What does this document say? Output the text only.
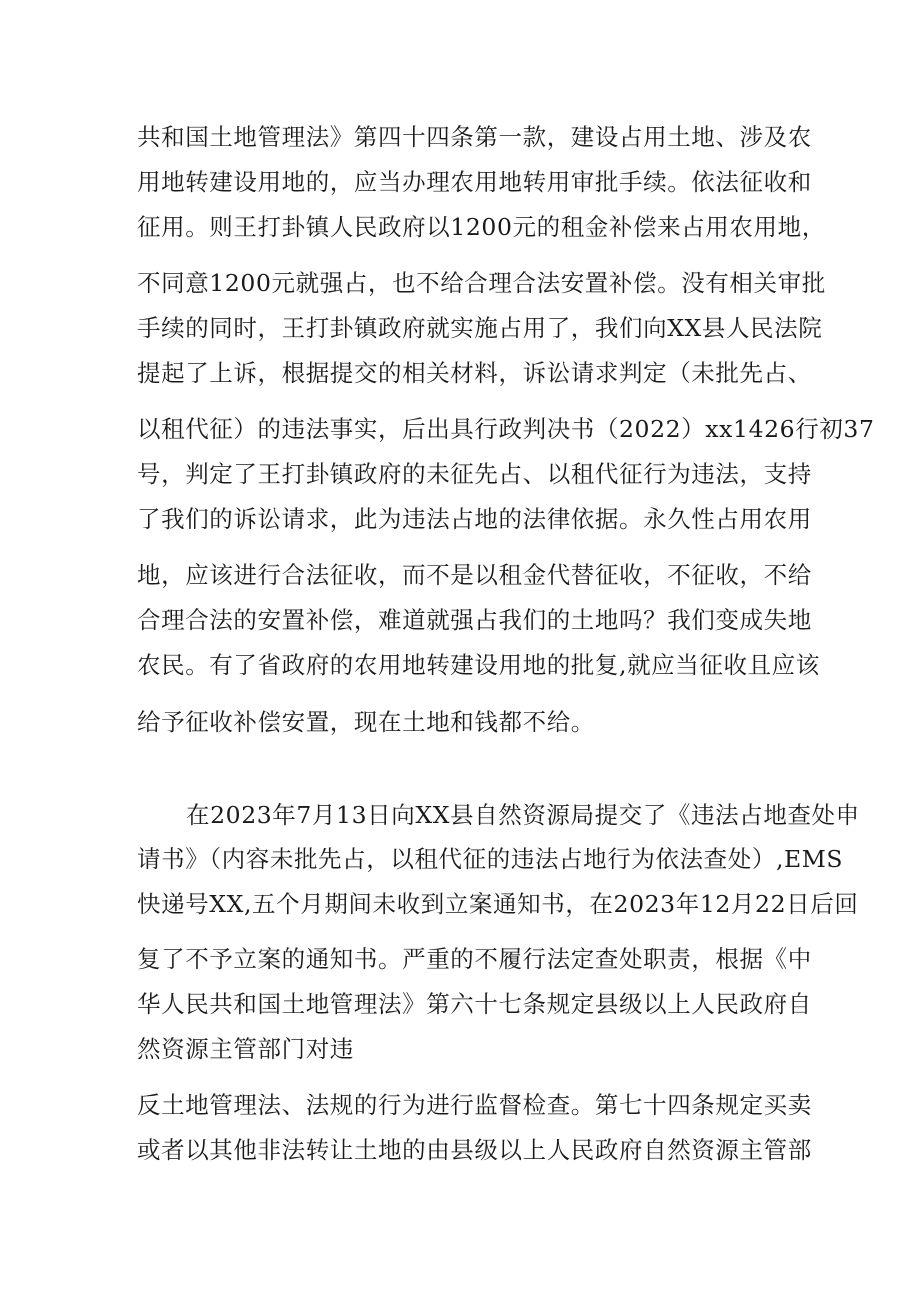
共和国土地管理法》第四十四条第一款，建设占用土地、涉及农
用地转建设用地的，应当办理农用地转用审批手续。依法征收和
征用。则王打卦镇人民政府以1200元的租金补偿来占用农用地，
不同意1200元就强占，也不给合理合法安置补偿。没有相关审批
手续的同时，王打卦镇政府就实施占用了，我们向XX县人民法院
提起了上诉，根据提交的相关材料，诉讼请求判定（未批先占、
以租代征）的违法事实，后出具行政判决书（2022）xx1426行初37
号，判定了王打卦镇政府的未征先占、以租代征行为违法，支持
了我们的诉讼请求，此为违法占地的法律依据。永久性占用农用
地，应该进行合法征收，而不是以租金代替征收，不征收，不给
合理合法的安置补偿，难道就强占我们的土地吗？我们变成失地
农民。有了省政府的农用地转建设用地的批复,就应当征收且应该
给予征收补偿安置，现在土地和钱都不给。
在2023年7月13日向XX县自然资源局提交了《违法占地查处申
请书》（内容未批先占，以租代征的违法占地行为依法查处）,EMS
快递号XX,五个月期间未收到立案通知书，在2023年12月22日后回
复了不予立案的通知书。严重的不履行法定查处职责，根据《中
华人民共和国土地管理法》第六十七条规定县级以上人民政府自
然资源主管部门对违
反土地管理法、法规的行为进行监督检查。第七十四条规定买卖
或者以其他非法转让土地的由县级以上人民政府自然资源主管部
